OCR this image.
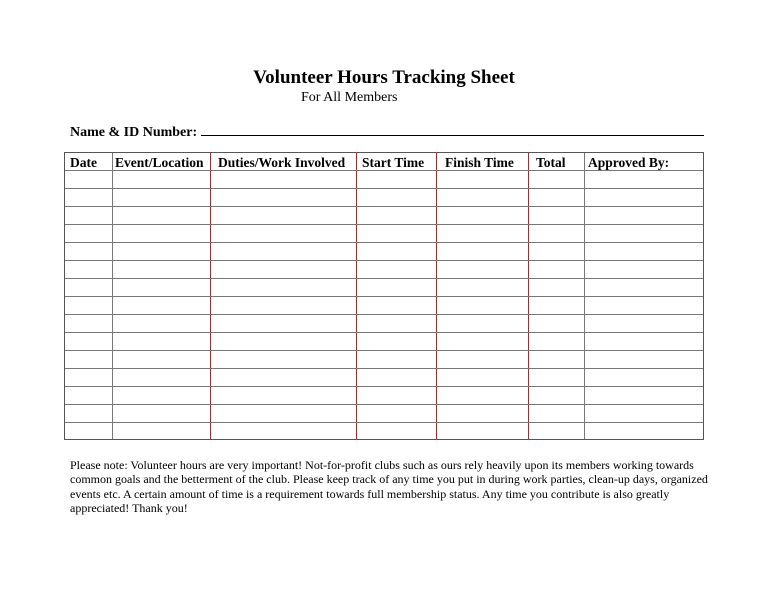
Volunteer Hours Tracking Sheet
For All Members
Name & ID Number:
Date Event/Location Duties/Work Involved Start Time Finish Time Total Approved By:
Please note: Volunteer hours are very important! Not-for-profit clubs such as ours rely heavily upon its members working towards common goals and the betterment of the club. Please keep track of any time you put in during work parties, clean-up days, organized events etc. A certain amount of time is a requirement towards full membership status. Any time you contribute is also greatly appreciated! Thank you!
